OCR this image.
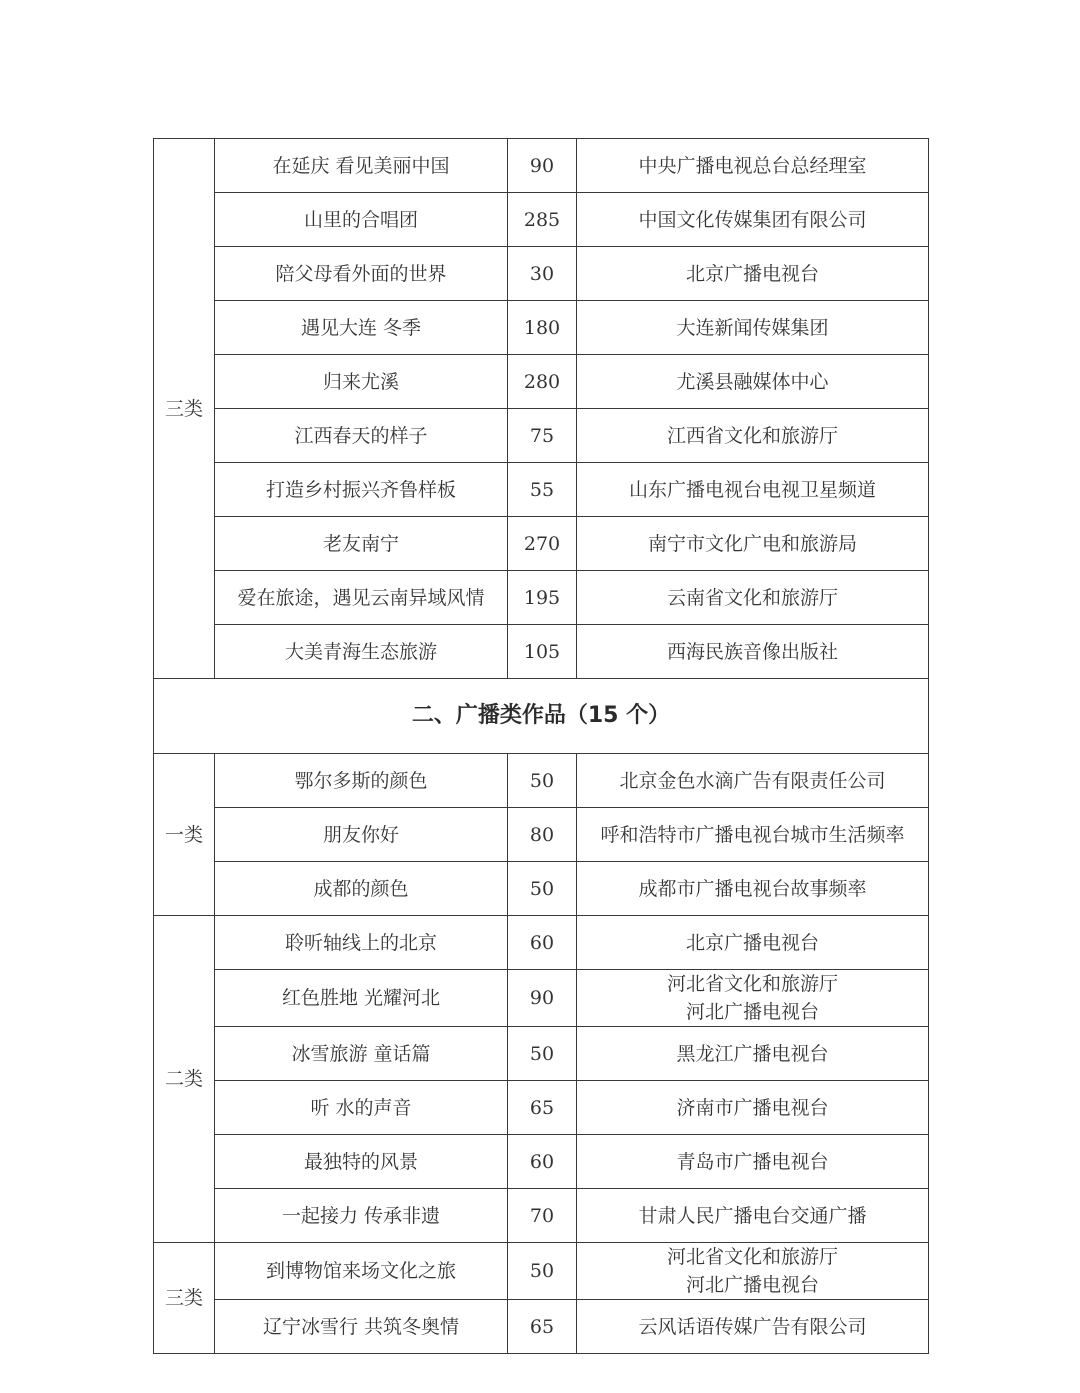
三类	在延庆 看见美丽中国	90	中央广播电视总台总经理室

	山里的合唱团	285	中国文化传媒集团有限公司

	陪父母看外面的世界	30	北京广播电视台

	遇见大连 冬季	180	大连新闻传媒集团

	归来尤溪	280	尤溪县融媒体中心

	江西春天的样子	75	江西省文化和旅游厅

	打造乡村振兴齐鲁样板	55	山东广播电视台电视卫星频道

	老友南宁	270	南宁市文化广电和旅游局

	爱在旅途，遇见云南异域风情	195	云南省文化和旅游厅

	大美青海生态旅游	105	西海民族音像出版社

二、广播类作品（15 个）			
一类	鄂尔多斯的颜色	50	北京金色水滴广告有限责任公司

	朋友你好	80	呼和浩特市广播电视台城市生活频率

	成都的颜色	50	成都市广播电视台故事频率

二类	聆听轴线上的北京	60	北京广播电视台

	红色胜地 光耀河北	90	河北省文化和旅游厅
河北广播电视台

	冰雪旅游 童话篇	50	黑龙江广播电视台

	听 水的声音	65	济南市广播电视台

	最独特的风景	60	青岛市广播电视台

	一起接力 传承非遗	70	甘肃人民广播电台交通广播

三类	到博物馆来场文化之旅	50	河北省文化和旅游厅
河北广播电视台

	辽宁冰雪行 共筑冬奥情	65	云风话语传媒广告有限公司
